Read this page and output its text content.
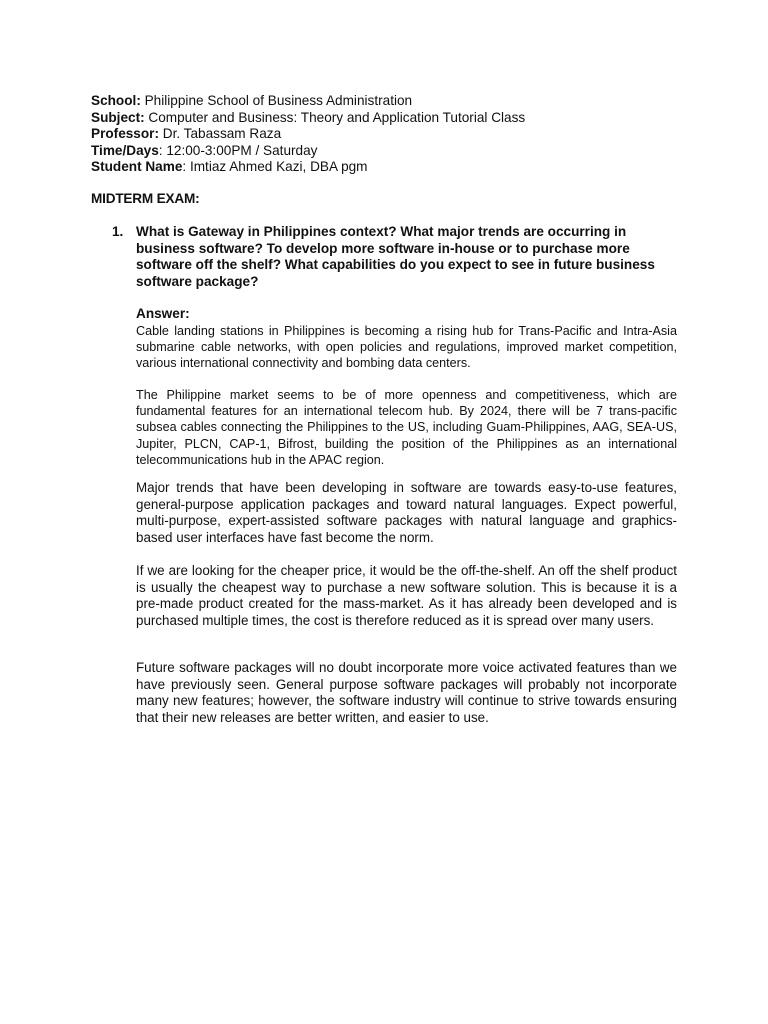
School: Philippine School of Business Administration
Subject: Computer and Business: Theory and Application Tutorial Class
Professor: Dr. Tabassam Raza
Time/Days: 12:00-3:00PM / Saturday
Student Name: Imtiaz Ahmed Kazi, DBA pgm
MIDTERM EXAM:
1. What is Gateway in Philippines context? What major trends are occurring in business software? To develop more software in-house or to purchase more software off the shelf? What capabilities do you expect to see in future business software package?
Answer:
Cable landing stations in Philippines is becoming a rising hub for Trans-Pacific and Intra-Asia submarine cable networks, with open policies and regulations, improved market competition, various international connectivity and bombing data centers.
The Philippine market seems to be of more openness and competitiveness, which are fundamental features for an international telecom hub. By 2024, there will be 7 trans-pacific subsea cables connecting the Philippines to the US, including Guam-Philippines, AAG, SEA-US, Jupiter, PLCN, CAP-1, Bifrost, building the position of the Philippines as an international telecommunications hub in the APAC region.
Major trends that have been developing in software are towards easy-to-use features, general-purpose application packages and toward natural languages. Expect powerful, multi-purpose, expert-assisted software packages with natural language and graphics-based user interfaces have fast become the norm.
If we are looking for the cheaper price, it would be the off-the-shelf. An off the shelf product is usually the cheapest way to purchase a new software solution. This is because it is a pre-made product created for the mass-market. As it has already been developed and is purchased multiple times, the cost is therefore reduced as it is spread over many users.
Future software packages will no doubt incorporate more voice activated features than we have previously seen. General purpose software packages will probably not incorporate many new features; however, the software industry will continue to strive towards ensuring that their new releases are better written, and easier to use.
